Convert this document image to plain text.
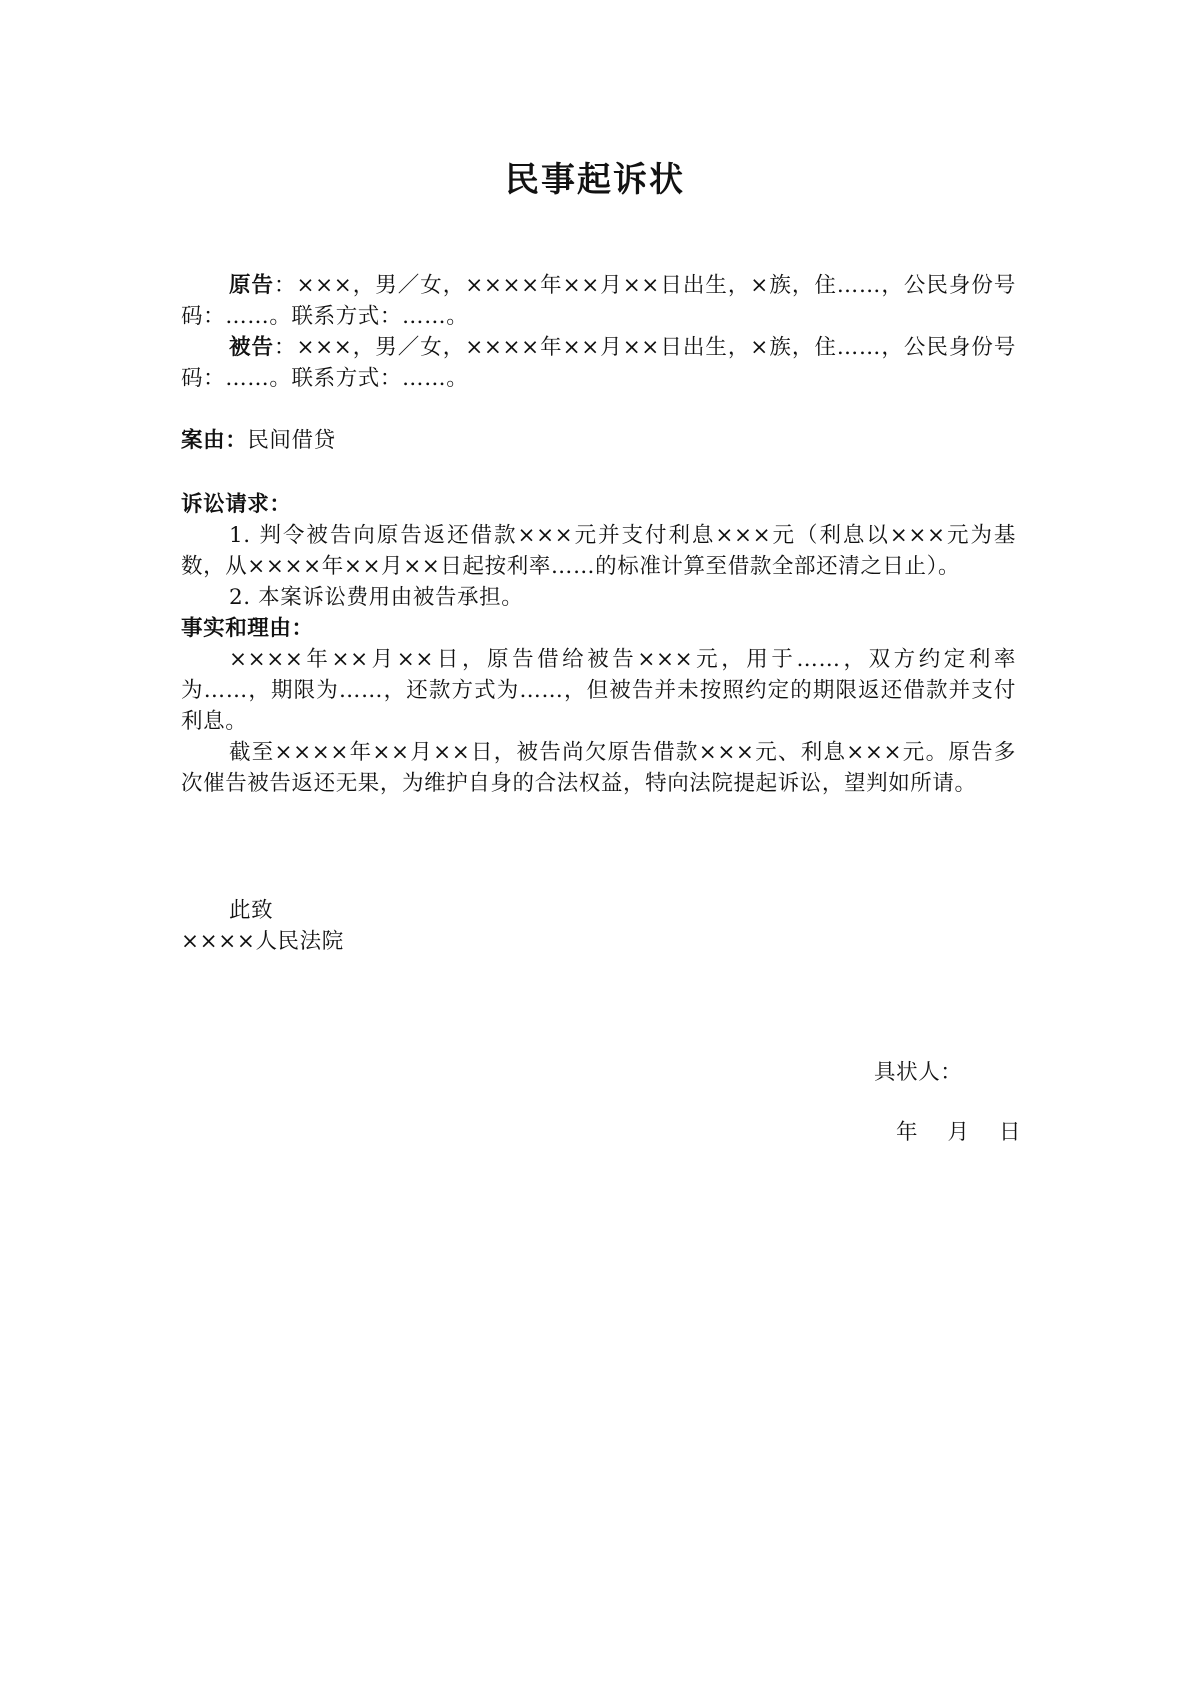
民事起诉状

原告：×××，男／女，××××年××月××日出生，×族，住……，公民身份号码：……。联系方式：……。

被告：×××，男／女，××××年××月××日出生，×族，住……，公民身份号码：……。联系方式：……。

案由：民间借贷

诉讼请求：

1. 判令被告向原告返还借款×××元并支付利息×××元（利息以×××元为基数，从××××年××月××日起按利率……的标准计算至借款全部还清之日止）。

2. 本案诉讼费用由被告承担。

事实和理由：

××××年××月××日，原告借给被告×××元，用于……，双方约定利率为……，期限为……，还款方式为……，但被告并未按照约定的期限返还借款并支付利息。

截至××××年××月××日，被告尚欠原告借款×××元、利息×××元。原告多次催告被告返还无果，为维护自身的合法权益，特向法院提起诉讼，望判如所请。

此致

××××人民法院

具状人：
年 月 日
